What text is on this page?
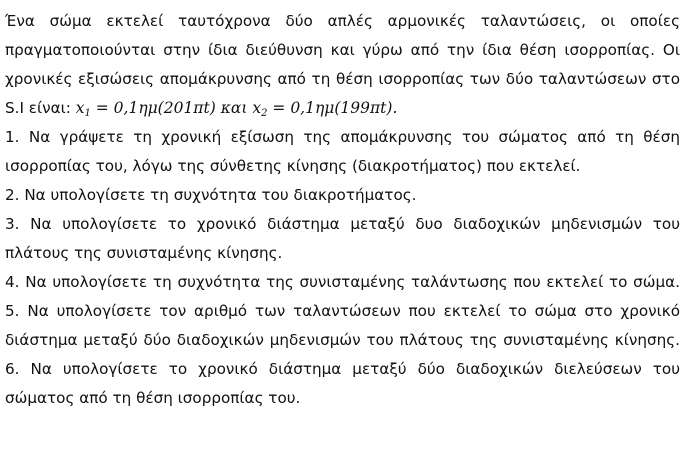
Ένα σώμα εκτελεί ταυτόχρονα δύο απλές αρμονικές ταλαντώσεις, οι οποίες
πραγματοποιούνται στην ίδια διεύθυνση και γύρω από την ίδια θέση ισορροπίας. Οι
χρονικές εξισώσεις απομάκρυνσης από τη θέση ισορροπίας των δύο ταλαντώσεων στο
S.I είναι: $x_1 = 0,1\eta\mu(201\pi t)$ και $x_2 = 0,1\eta\mu(199\pi t)$.
1. Να γράψετε τη χρονική εξίσωση της απομάκρυνσης του σώματος από τη θέση
ισορροπίας του, λόγω της σύνθετης κίνησης (διακροτήματος) που εκτελεί.
2. Να υπολογίσετε τη συχνότητα του διακροτήματος.
3. Να υπολογίσετε το χρονικό διάστημα μεταξύ δυο διαδοχικών μηδενισμών του
πλάτους της συνισταμένης κίνησης.
4. Να υπολογίσετε τη συχνότητα της συνισταμένης ταλάντωσης που εκτελεί το σώμα.
5. Να υπολογίσετε τον αριθμό των ταλαντώσεων που εκτελεί το σώμα στο χρονικό
διάστημα μεταξύ δύο διαδοχικών μηδενισμών του πλάτους της συνισταμένης κίνησης.
6. Να υπολογίσετε το χρονικό διάστημα μεταξύ δύο διαδοχικών διελεύσεων του
σώματος από τη θέση ισορροπίας του.
